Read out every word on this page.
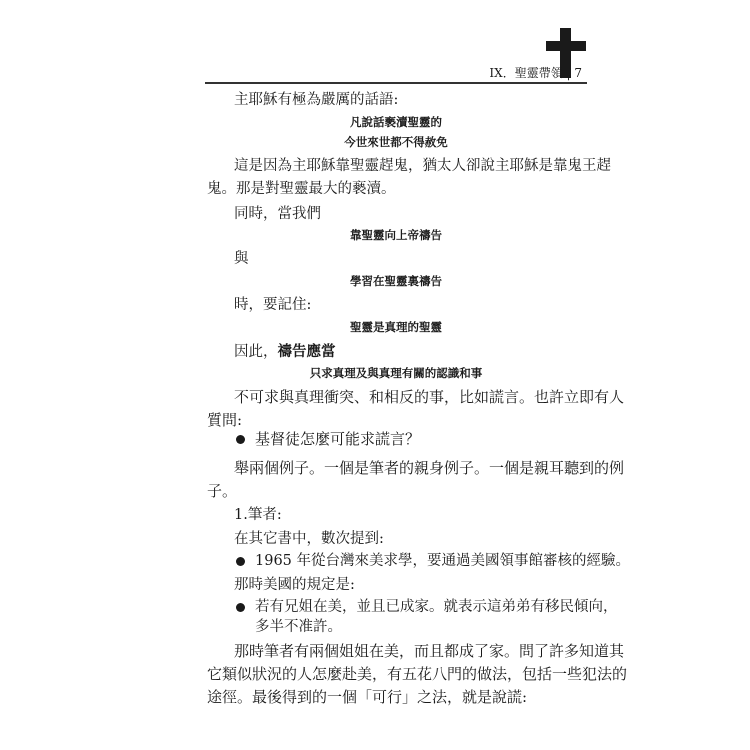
IX．聖靈帶領 | 7
主耶穌有極為嚴厲的話語:
凡說話褻瀆聖靈的
今世來世都不得赦免
這是因為主耶穌靠聖靈趕鬼，猶太人卻說主耶穌是靠鬼王趕
鬼。那是對聖靈最大的褻瀆。
同時，當我們
靠聖靈向上帝禱告
與
學習在聖靈裏禱告
時，要記住:
聖靈是真理的聖靈
因此，禱告應當
只求真理及與真理有關的認識和事
不可求與真理衝突、和相反的事，比如謊言。也許立即有人
質問:
基督徒怎麼可能求謊言？
舉兩個例子。一個是筆者的親身例子。一個是親耳聽到的例
子。
1.筆者:
在其它書中，數次提到:
1965 年從台灣來美求學，要通過美國領事館審核的經驗。
那時美國的規定是:
若有兄姐在美，並且已成家。就表示這弟弟有移民傾向，
多半不准許。
那時筆者有兩個姐姐在美，而且都成了家。問了許多知道其
它類似狀況的人怎麼赴美，有五花八門的做法，包括一些犯法的
途徑。最後得到的一個「可行」之法，就是說謊:
